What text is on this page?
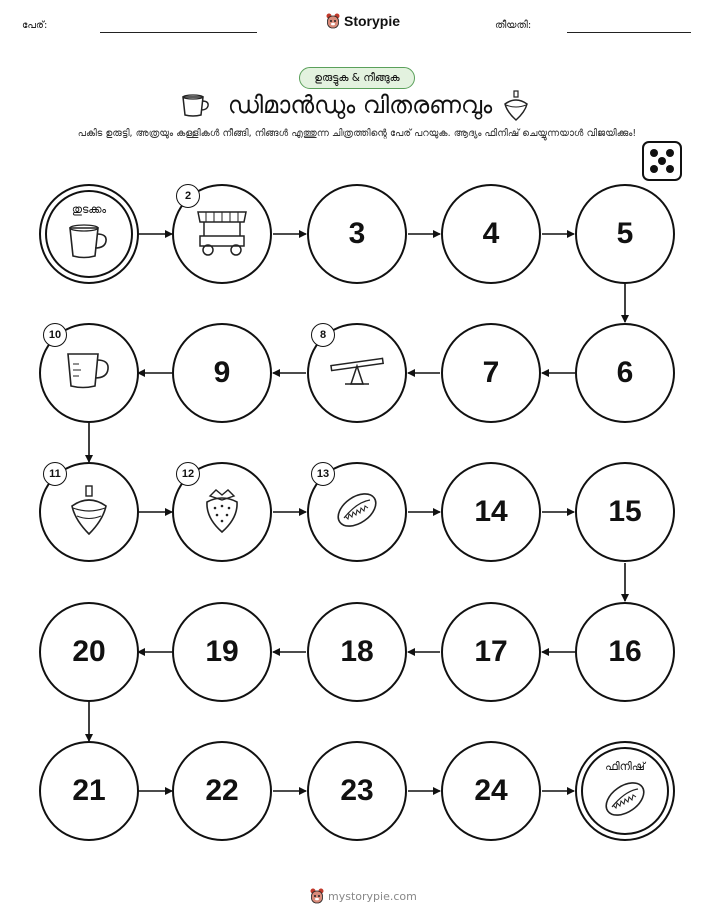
പേര്:	Storypie	തീയതി:
ഉരുട്ടുക & നീങ്ങുക
ഡിമാൻഡും വിതരണവും
പകിട ഉരുട്ടി, അത്രയും കള്ളികൾ നീങ്ങി, നിങ്ങൾ എത്തുന്ന ചിത്രത്തിന്റെ പേര് പറയുക. ആദ്യം ഫിനിഷ് ചെയ്യുന്നയാൾ വിജയിക്കും!
തുടക്കം
2
3	4	5
6
7
8
9
10
11	12	13
14	15
16
17
18
19
20
21	22	23	24
ഫിനിഷ്
mystorypie.com
